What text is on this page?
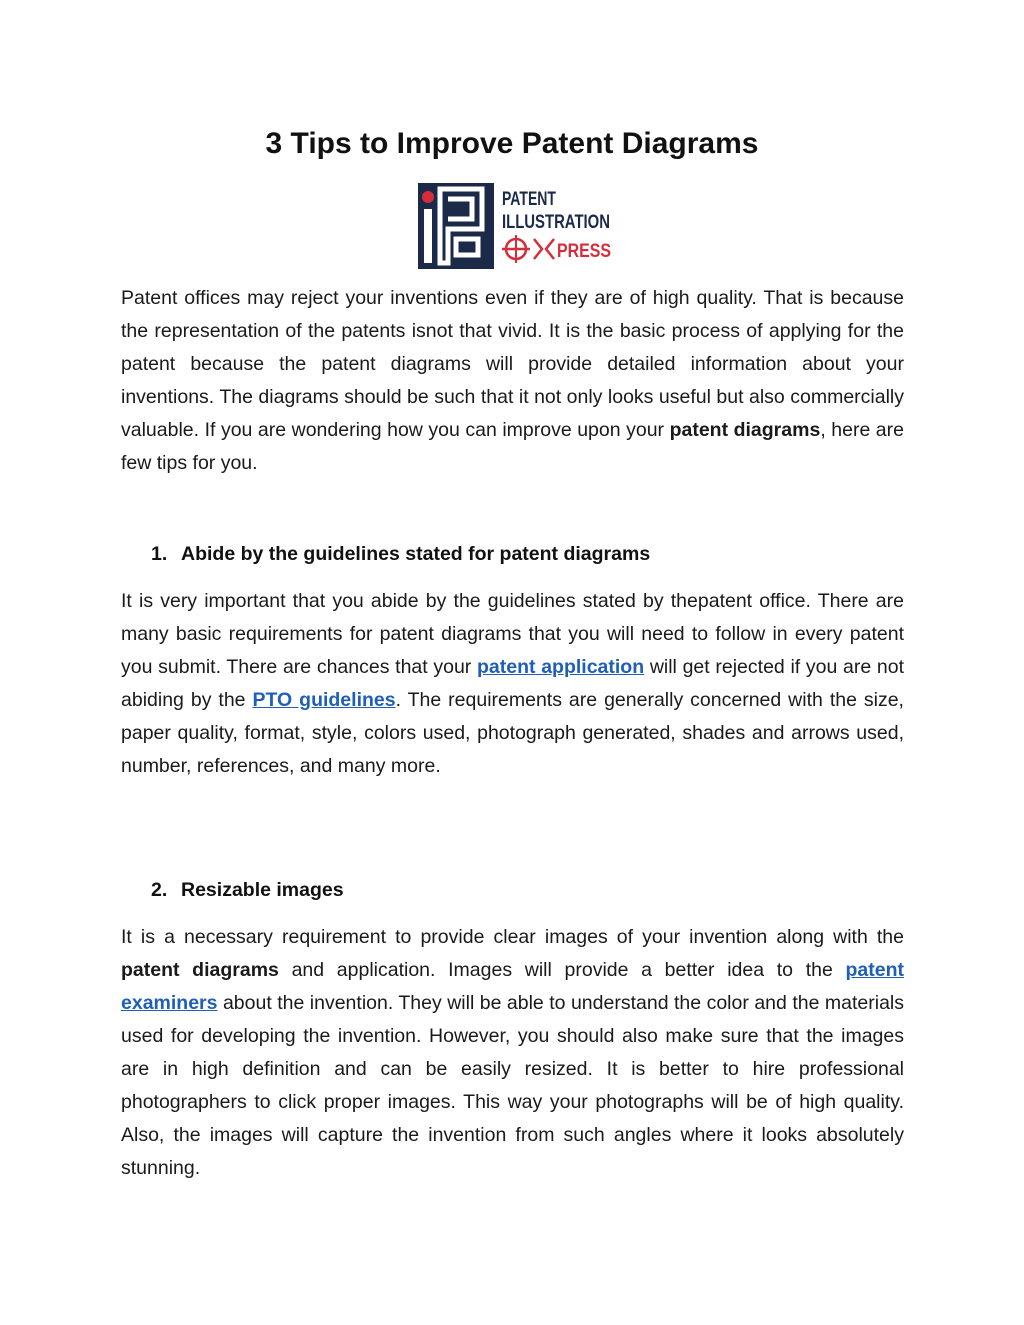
3 Tips to Improve Patent Diagrams
PATENT
ILLUSTRATION
PRESS

Patent offices may reject your inventions even if they are of high quality. That is because the representation of the patents isnot that vivid. It is the basic process of applying for the patent because the patent diagrams will provide detailed information about your inventions. The diagrams should be such that it not only looks useful but also commercially valuable. If you are wondering how you can improve upon your patent diagrams, here are few tips for you.

1. Abide by the guidelines stated for patent diagrams

It is very important that you abide by the guidelines stated by thepatent office. There are many basic requirements for patent diagrams that you will need to follow in every patent you submit. There are chances that your patent application will get rejected if you are not abiding by the PTO guidelines. The requirements are generally concerned with the size, paper quality, format, style, colors used, photograph generated, shades and arrows used, number, references, and many more.

2. Resizable images

It is a necessary requirement to provide clear images of your invention along with the patent diagrams and application. Images will provide a better idea to the patent examiners about the invention. They will be able to understand the color and the materials used for developing the invention. However, you should also make sure that the images are in high definition and can be easily resized. It is better to hire professional photographers to click proper images. This way your photographs will be of high quality. Also, the images will capture the invention from such angles where it looks absolutely stunning.
